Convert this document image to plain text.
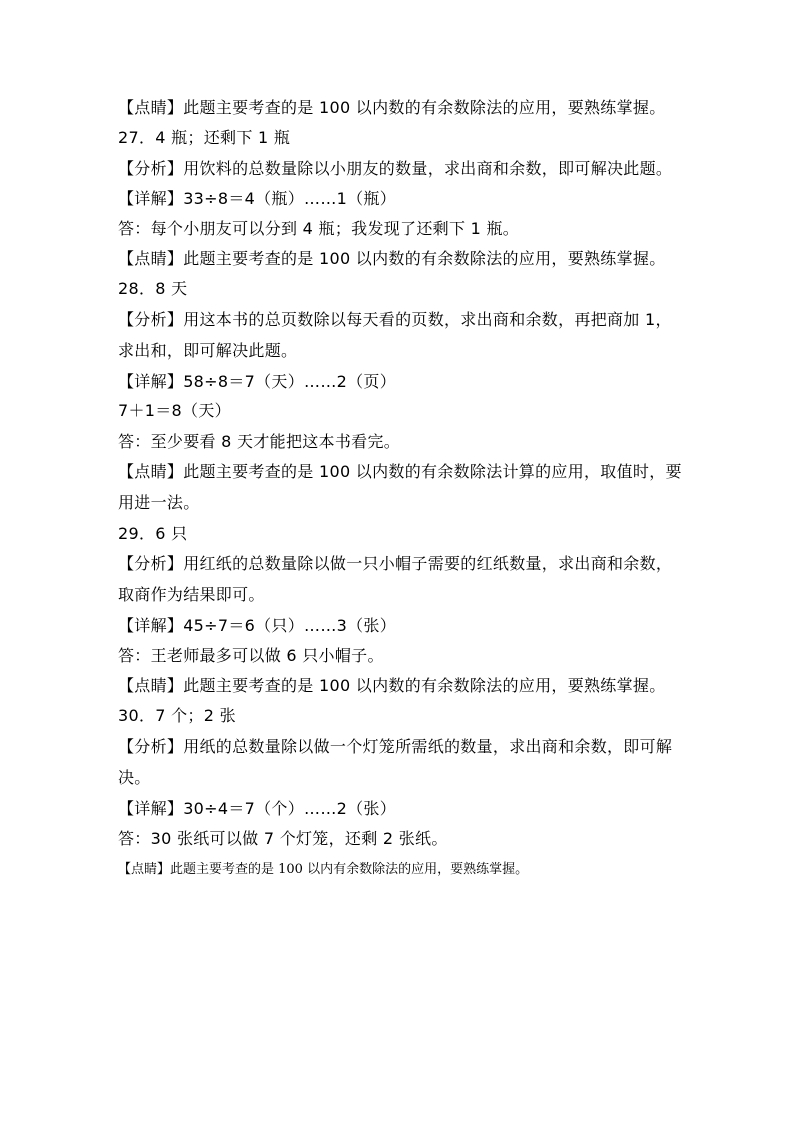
【点睛】此题主要考查的是 100 以内数的有余数除法的应用，要熟练掌握。
27．4 瓶；还剩下 1 瓶
【分析】用饮料的总数量除以小朋友的数量，求出商和余数，即可解决此题。
【详解】33÷8＝4（瓶）……1（瓶）
答：每个小朋友可以分到 4 瓶；我发现了还剩下 1 瓶。
【点睛】此题主要考查的是 100 以内数的有余数除法的应用，要熟练掌握。
28．8 天
【分析】用这本书的总页数除以每天看的页数，求出商和余数，再把商加 1，
求出和，即可解决此题。
【详解】58÷8＝7（天）……2（页）
7＋1＝8（天）
答：至少要看 8 天才能把这本书看完。
【点睛】此题主要考查的是 100 以内数的有余数除法计算的应用，取值时，要
用进一法。
29．6 只
【分析】用红纸的总数量除以做一只小帽子需要的红纸数量，求出商和余数，
取商作为结果即可。
【详解】45÷7＝6（只）……3（张）
答：王老师最多可以做 6 只小帽子。
【点睛】此题主要考查的是 100 以内数的有余数除法的应用，要熟练掌握。
30．7 个；2 张
【分析】用纸的总数量除以做一个灯笼所需纸的数量，求出商和余数，即可解
决。
【详解】30÷4＝7（个）……2（张）
答：30 张纸可以做 7 个灯笼，还剩 2 张纸。
【点睛】此题主要考查的是 100 以内有余数除法的应用，要熟练掌握。
